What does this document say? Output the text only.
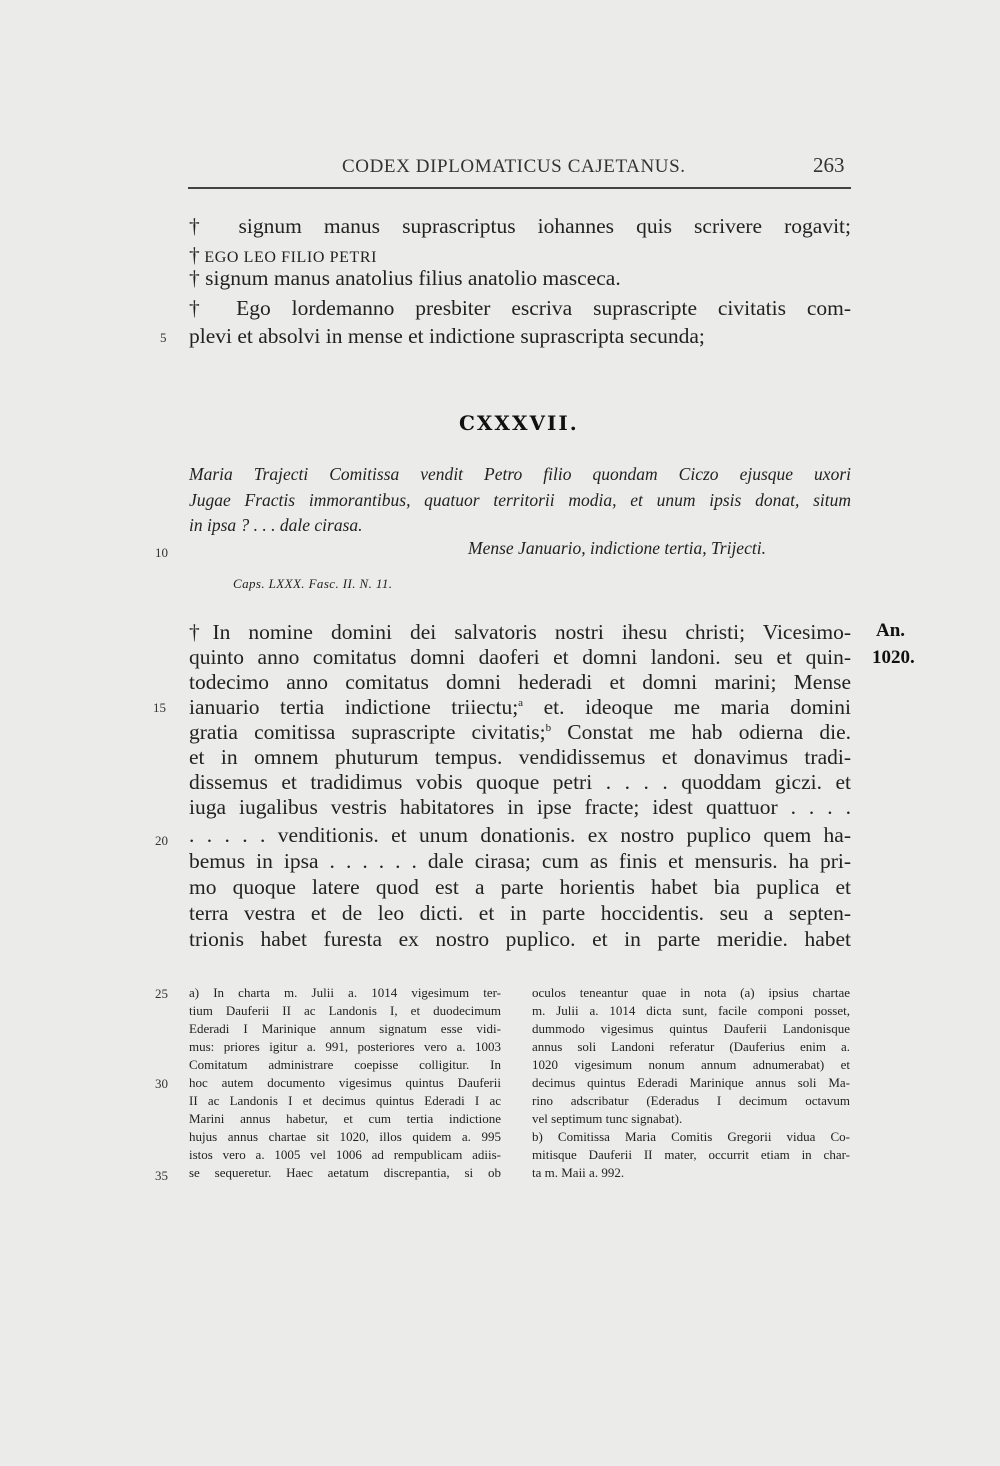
CODEX DIPLOMATICUS CAJETANUS.	263
† signum manus suprascriptus iohannes quis scrivere rogavit;
† EGO LEO FILIO PETRI
† signum manus anatolius filius anatolio masceca.
† Ego lordemanno presbiter escriva suprascripte civitatis com-
plevi et absolvi in mense et indictione suprascripta secunda;
5
10
15
20
25
30
35
CXXXVII.
Maria Trajecti Comitissa vendit Petro filio quondam Ciczo ejusque uxori
Jugae Fractis immorantibus, quatuor territorii modia, et unum ipsis donat, situm
in ipsa ? . . . dale cirasa.
Mense Januario, indictione tertia, Trijecti.
Caps. LXXX. Fasc. II. N. 11.
An.
1020.
†In nomine domini dei salvatoris nostri ihesu christi; Vicesimo-
quinto anno comitatus domni daoferi et domni landoni. seu et quin-
todecimo anno comitatus domni hederadi et domni marini; Mense
ianuario tertia indictione triiectu;$^a$ et. ideoque me maria domini
gratia comitissa suprascripte civitatis;$^b$ Constat me hab odierna die.
et in omnem phuturum tempus. vendidissemus et donavimus tradi-
dissemus et tradidimus vobis quoque petri . . . . quoddam giczi. et
iuga iugalibus vestris habitatores in ipse fracte; idest quattuor . . . .
. . . . . venditionis. et unum donationis. ex nostro puplico quem ha-
bemus in ipsa . . . . . . dale cirasa; cum as finis et mensuris. ha pri-
mo quoque latere quod est a parte horientis habet bia puplica et
terra vestra et de leo dicti. et in parte hoccidentis. seu a septen-
trionis habet furesta ex nostro puplico. et in parte meridie. habet
a) In charta m. Julii a. 1014 vigesimum ter-
tium Dauferii II ac Landonis I, et duodecimum
Ederadi I Marinique annum signatum esse vidi-
mus: priores igitur a. 991, posteriores vero a. 1003
Comitatum administrare coepisse colligitur. In
hoc autem documento vigesimus quintus Dauferii
II ac Landonis I et decimus quintus Ederadi I ac
Marini annus habetur, et cum tertia indictione
hujus annus chartae sit 1020, illos quidem a. 995
istos vero a. 1005 vel 1006 ad rempublicam adiis-
se sequeretur. Haec aetatum discrepantia, si ob
oculos teneantur quae in nota (a) ipsius chartae
m. Julii a. 1014 dicta sunt, facile componi posset,
dummodo vigesimus quintus Dauferii Landonisque
annus soli Landoni referatur (Dauferius enim a.
1020 vigesimum nonum annum adnumerabat) et
decimus quintus Ederadi Marinique annus soli Ma-
rino adscribatur (Ederadus I decimum octavum
vel septimum tunc signabat).
b) Comitissa Maria Comitis Gregorii vidua Co-
mitisque Dauferii II mater, occurrit etiam in char-
ta m. Maii a. 992.
